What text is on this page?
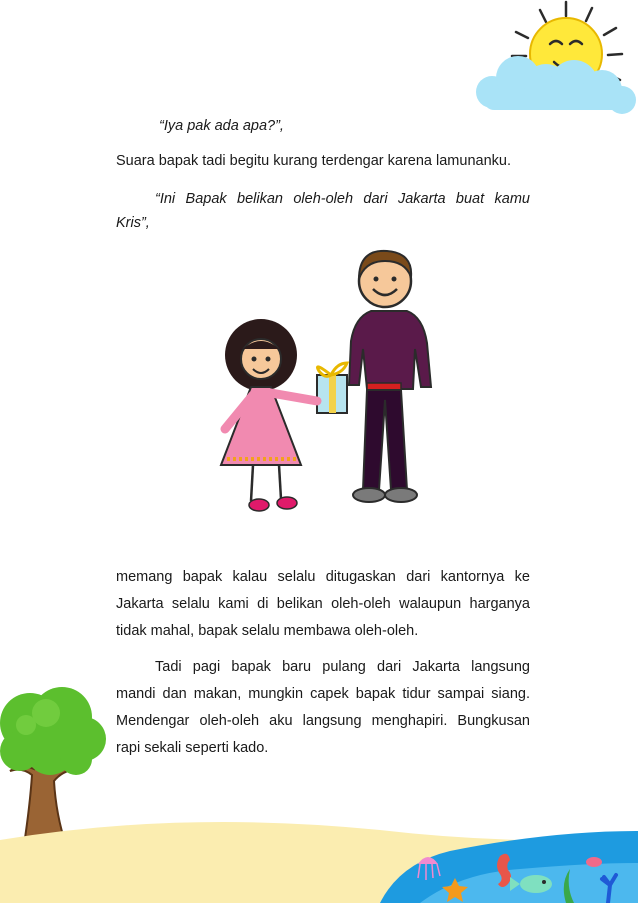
“Iya pak ada apa?”,

Suara bapak tadi begitu kurang terdengar karena lamunanku.

“Ini Bapak belikan oleh-oleh dari Jakarta buat kamu

Kris”,

memang bapak kalau selalu ditugaskan dari kantornya ke

Jakarta selalu kami di belikan oleh-oleh walaupun harganya

tidak mahal, bapak selalu membawa oleh-oleh.

Tadi pagi bapak baru pulang dari Jakarta langsung

mandi dan makan, mungkin capek bapak tidur sampai siang.

Mendengar oleh-oleh aku langsung menghapiri. Bungkusan

rapi sekali seperti kado.
